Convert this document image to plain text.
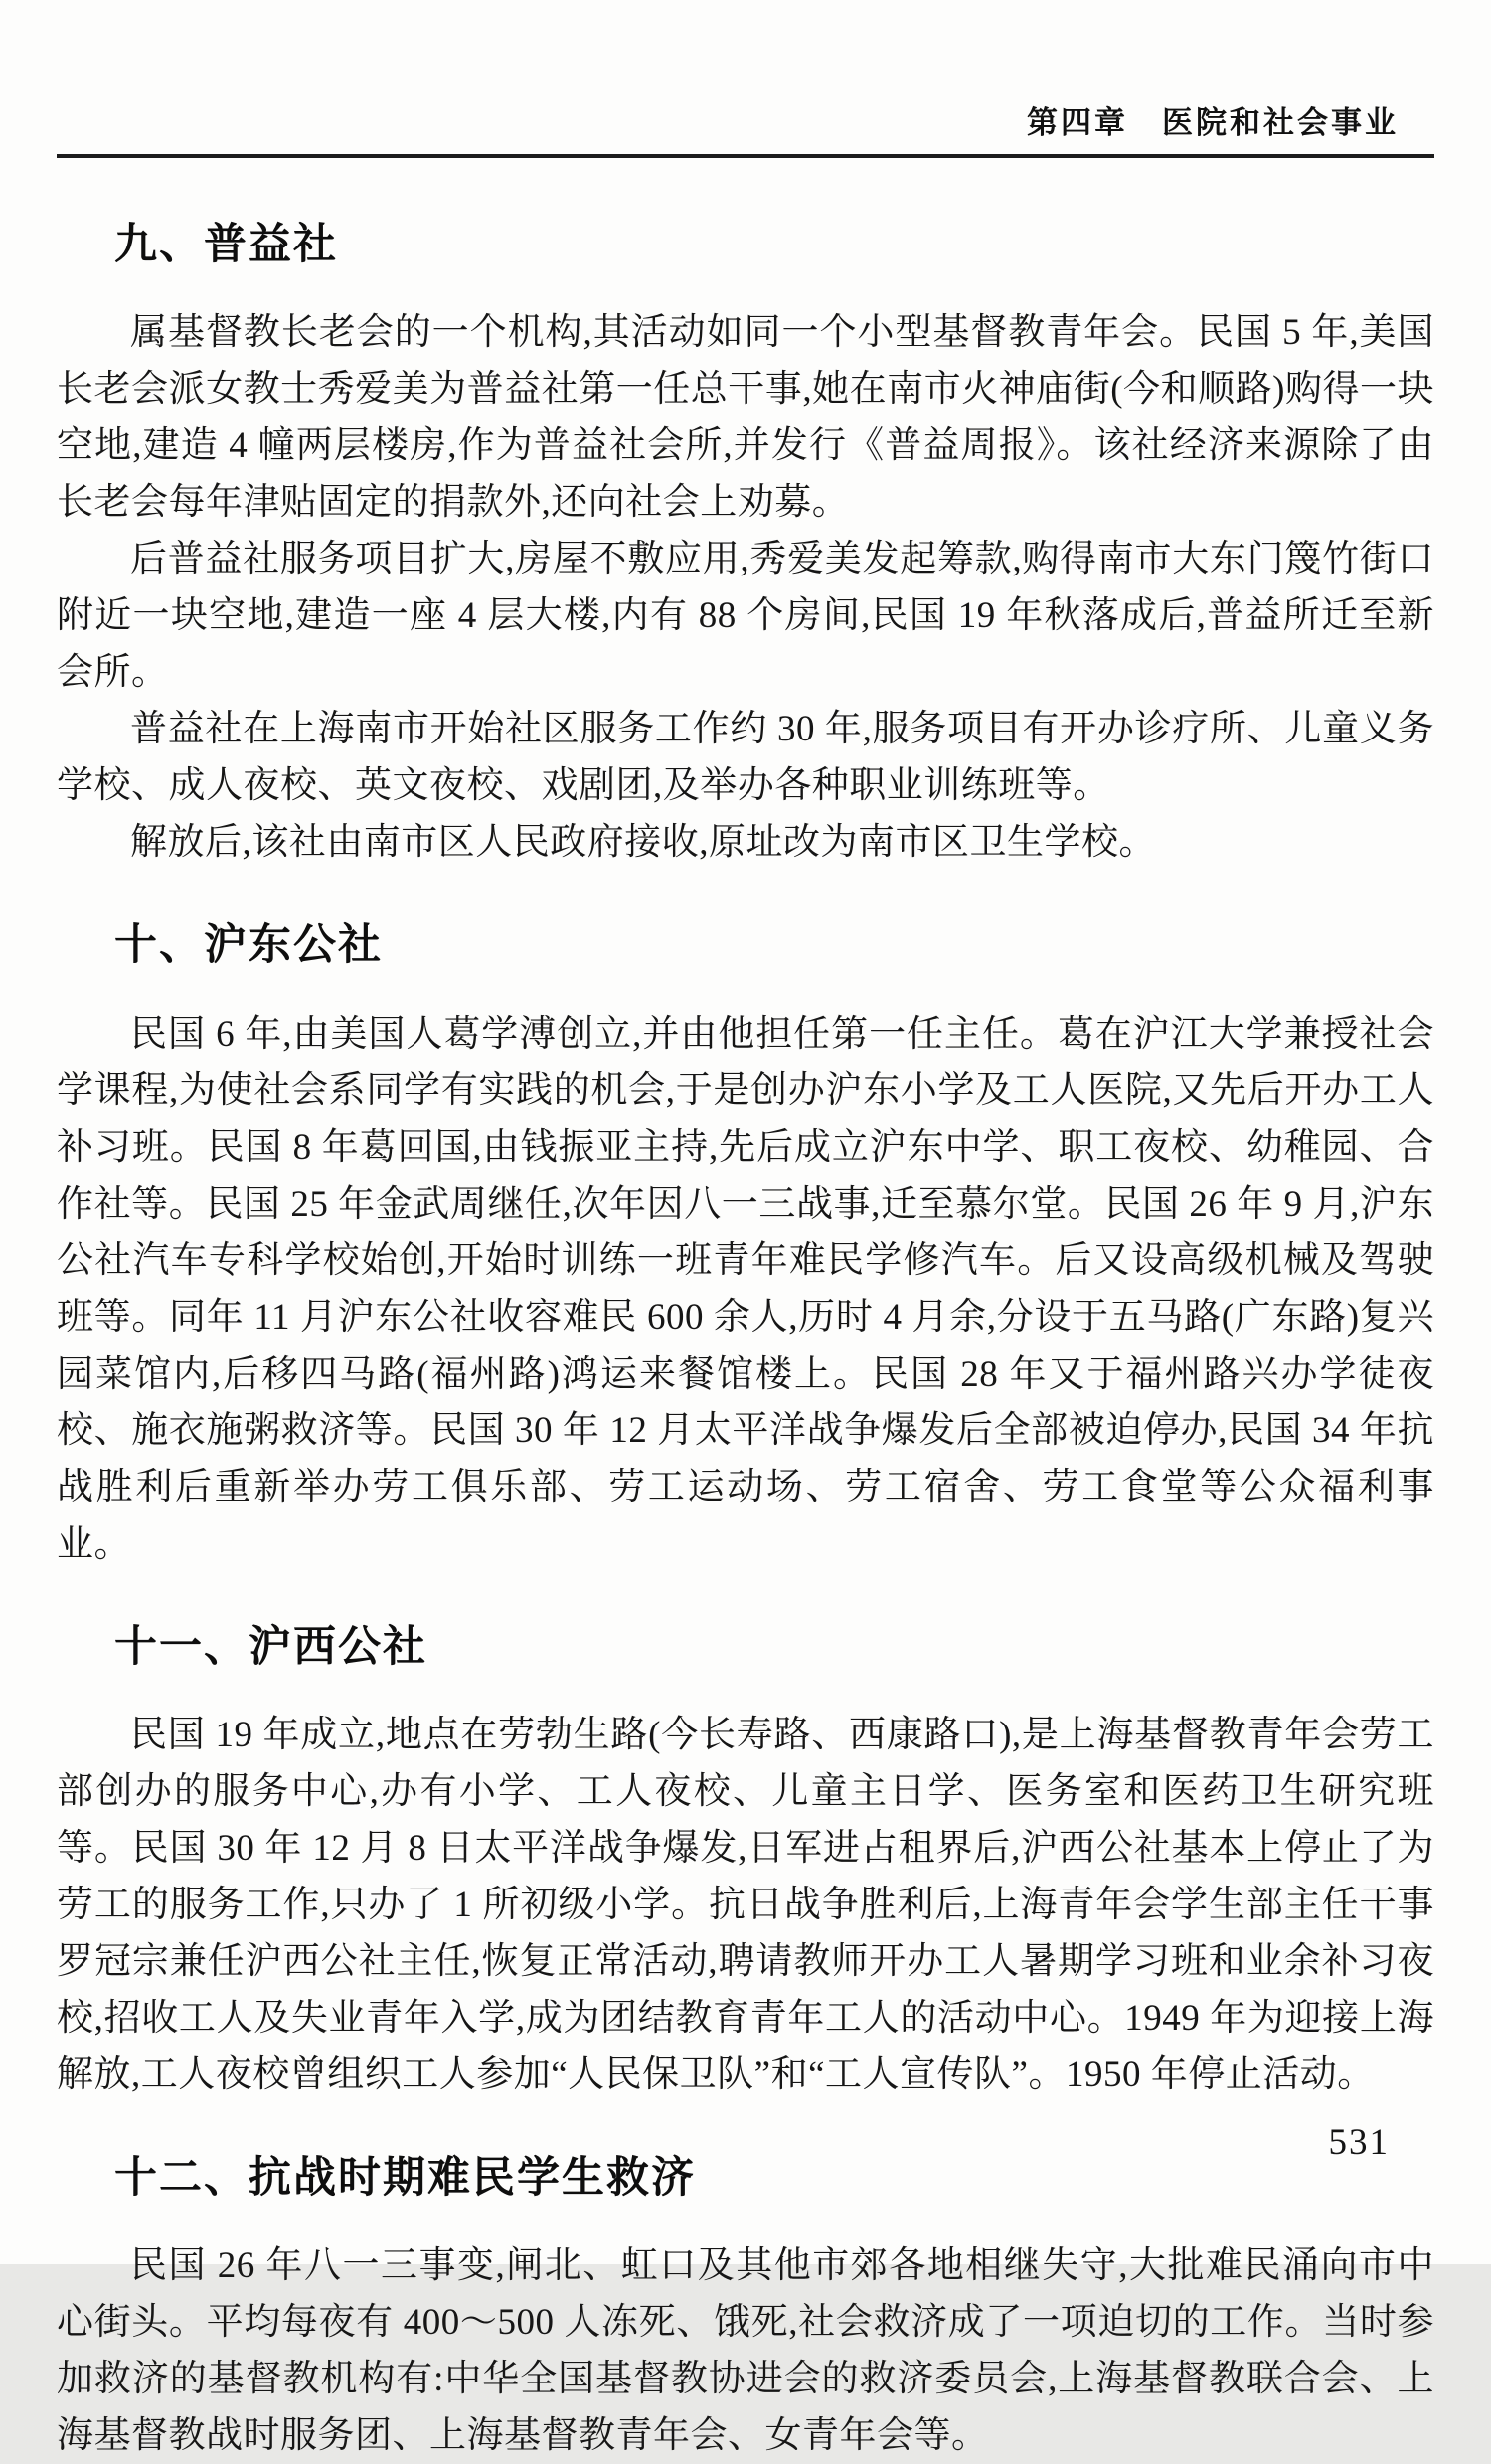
第四章　医院和社会事业
九、普益社

属基督教长老会的一个机构,其活动如同一个小型基督教青年会。民国 5 年,美国长老会派女教士秀爱美为普益社第一任总干事,她在南市火神庙街(今和顺路)购得一块空地,建造 4 幢两层楼房,作为普益社会所,并发行《普益周报》。该社经济来源除了由长老会每年津贴固定的捐款外,还向社会上劝募。

后普益社服务项目扩大,房屋不敷应用,秀爱美发起筹款,购得南市大东门篾竹街口附近一块空地,建造一座 4 层大楼,内有 88 个房间,民国 19 年秋落成后,普益所迁至新会所。

普益社在上海南市开始社区服务工作约 30 年,服务项目有开办诊疗所、儿童义务学校、成人夜校、英文夜校、戏剧团,及举办各种职业训练班等。

解放后,该社由南市区人民政府接收,原址改为南市区卫生学校。

十、沪东公社

民国 6 年,由美国人葛学溥创立,并由他担任第一任主任。葛在沪江大学兼授社会学课程,为使社会系同学有实践的机会,于是创办沪东小学及工人医院,又先后开办工人补习班。民国 8 年葛回国,由钱振亚主持,先后成立沪东中学、职工夜校、幼稚园、合作社等。民国 25 年金武周继任,次年因八一三战事,迁至慕尔堂。民国 26 年 9 月,沪东公社汽车专科学校始创,开始时训练一班青年难民学修汽车。后又设高级机械及驾驶班等。同年 11 月沪东公社收容难民 600 余人,历时 4 月余,分设于五马路(广东路)复兴园菜馆内,后移四马路(福州路)鸿运来餐馆楼上。民国 28 年又于福州路兴办学徒夜校、施衣施粥救济等。民国 30 年 12 月太平洋战争爆发后全部被迫停办,民国 34 年抗战胜利后重新举办劳工俱乐部、劳工运动场、劳工宿舍、劳工食堂等公众福利事业。

十一、沪西公社

民国 19 年成立,地点在劳勃生路(今长寿路、西康路口),是上海基督教青年会劳工部创办的服务中心,办有小学、工人夜校、儿童主日学、医务室和医药卫生研究班等。民国 30 年 12 月 8 日太平洋战争爆发,日军进占租界后,沪西公社基本上停止了为劳工的服务工作,只办了 1 所初级小学。抗日战争胜利后,上海青年会学生部主任干事罗冠宗兼任沪西公社主任,恢复正常活动,聘请教师开办工人暑期学习班和业余补习夜校,招收工人及失业青年入学,成为团结教育青年工人的活动中心。1949 年为迎接上海解放,工人夜校曾组织工人参加“人民保卫队”和“工人宣传队”。1950 年停止活动。

十二、抗战时期难民学生救济

民国 26 年八一三事变,闸北、虹口及其他市郊各地相继失守,大批难民涌向市中心街头。平均每夜有 400～500 人冻死、饿死,社会救济成了一项迫切的工作。当时参加救济的基督教机构有:中华全国基督教协进会的救济委员会,上海基督教联合会、上海基督教战时服务团、上海基督教青年会、女青年会等。

531
